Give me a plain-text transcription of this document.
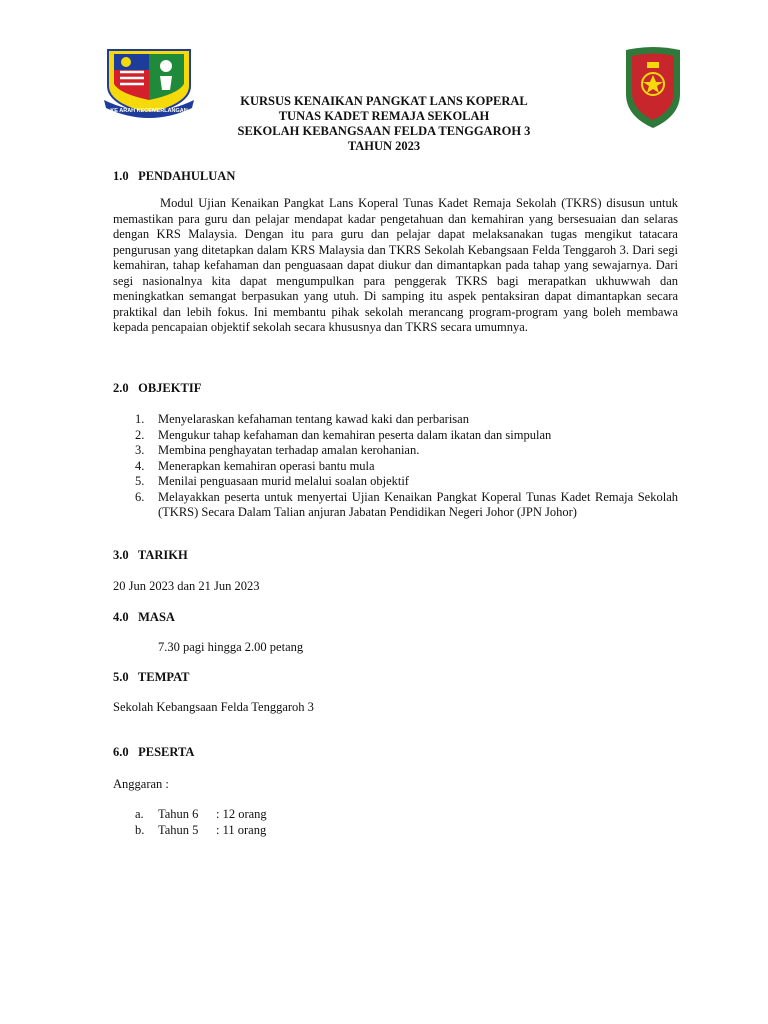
KE ARAH KECEMERLANGAN
KURSUS KENAIKAN PANGKAT LANS KOPERAL
TUNAS KADET REMAJA SEKOLAH
SEKOLAH KEBANGSAAN FELDA TENGGAROH 3
TAHUN 2023
1.0 PENDAHULUAN

Modul Ujian Kenaikan Pangkat Lans Koperal Tunas Kadet Remaja Sekolah (TKRS) disusun untuk memastikan para guru dan pelajar mendapat kadar pengetahuan dan kemahiran yang bersesuaian dan selaras dengan KRS Malaysia. Dengan itu para guru dan pelajar dapat melaksanakan tugas mengikut tatacara pengurusan yang ditetapkan dalam KRS Malaysia dan TKRS Sekolah Kebangsaan Felda Tenggaroh 3. Dari segi kemahiran, tahap kefahaman dan penguasaan dapat diukur dan dimantapkan pada tahap yang sewajarnya. Dari segi nasionalnya kita dapat mengumpulkan para penggerak TKRS bagi merapatkan ukhuwwah dan meningkatkan semangat berpasukan yang utuh. Di samping itu aspek pentaksiran dapat dimantapkan secara praktikal dan lebih fokus. Ini membantu pihak sekolah merancang program-program yang boleh membawa kepada pencapaian objektif sekolah secara khususnya dan TKRS secara umumnya.

2.0 OBJEKTIF
1. Menyelaraskan kefahaman tentang kawad kaki dan perbarisan
2. Mengukur tahap kefahaman dan kemahiran peserta dalam ikatan dan simpulan
3. Membina penghayatan terhadap amalan kerohanian.
4. Menerapkan kemahiran operasi bantu mula
5. Menilai penguasaan murid melalui soalan objektif
6. Melayakkan peserta untuk menyertai Ujian Kenaikan Pangkat Koperal Tunas Kadet Remaja Sekolah (TKRS) Secara Dalam Talian anjuran Jabatan Pendidikan Negeri Johor (JPN Johor)
3.0 TARIKH
20 Jun 2023 dan 21 Jun 2023
4.0 MASA
7.30 pagi hingga 2.00 petang
5.0 TEMPAT
Sekolah Kebangsaan Felda Tenggaroh 3
6.0 PESERTA
Anggaran :
a. Tahun 6 : 12 orang
b. Tahun 5 : 11 orang
